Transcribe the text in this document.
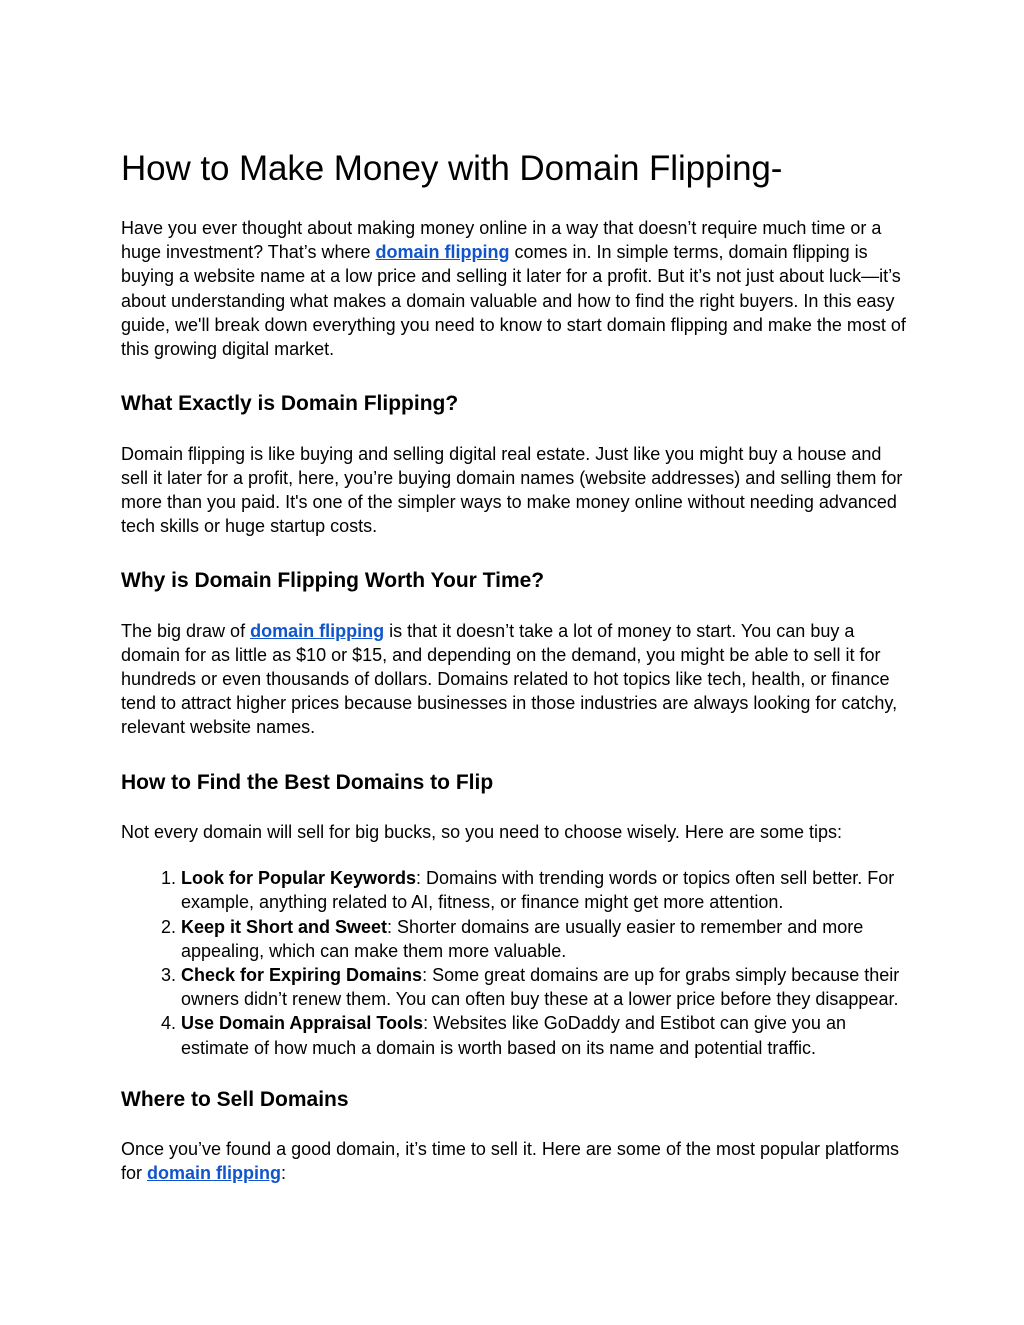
How to Make Money with Domain Flipping-

Have you ever thought about making money online in a way that doesn’t require much time or a huge investment? That’s where domain flipping comes in. In simple terms, domain flipping is buying a website name at a low price and selling it later for a profit. But it’s not just about luck—it’s about understanding what makes a domain valuable and how to find the right buyers. In this easy guide, we'll break down everything you need to know to start domain flipping and make the most of this growing digital market.

What Exactly is Domain Flipping?

Domain flipping is like buying and selling digital real estate. Just like you might buy a house and sell it later for a profit, here, you’re buying domain names (website addresses) and selling them for more than you paid. It's one of the simpler ways to make money online without needing advanced tech skills or huge startup costs.

Why is Domain Flipping Worth Your Time?

The big draw of domain flipping is that it doesn’t take a lot of money to start. You can buy a domain for as little as $10 or $15, and depending on the demand, you might be able to sell it for hundreds or even thousands of dollars. Domains related to hot topics like tech, health, or finance tend to attract higher prices because businesses in those industries are always looking for catchy, relevant website names.

How to Find the Best Domains to Flip

Not every domain will sell for big bucks, so you need to choose wisely. Here are some tips:

1. Look for Popular Keywords: Domains with trending words or topics often sell better. For example, anything related to AI, fitness, or finance might get more attention.
2. Keep it Short and Sweet: Shorter domains are usually easier to remember and more appealing, which can make them more valuable.
3. Check for Expiring Domains: Some great domains are up for grabs simply because their owners didn’t renew them. You can often buy these at a lower price before they disappear.
4. Use Domain Appraisal Tools: Websites like GoDaddy and Estibot can give you an estimate of how much a domain is worth based on its name and potential traffic.
Where to Sell Domains

Once you’ve found a good domain, it’s time to sell it. Here are some of the most popular platforms for domain flipping:
